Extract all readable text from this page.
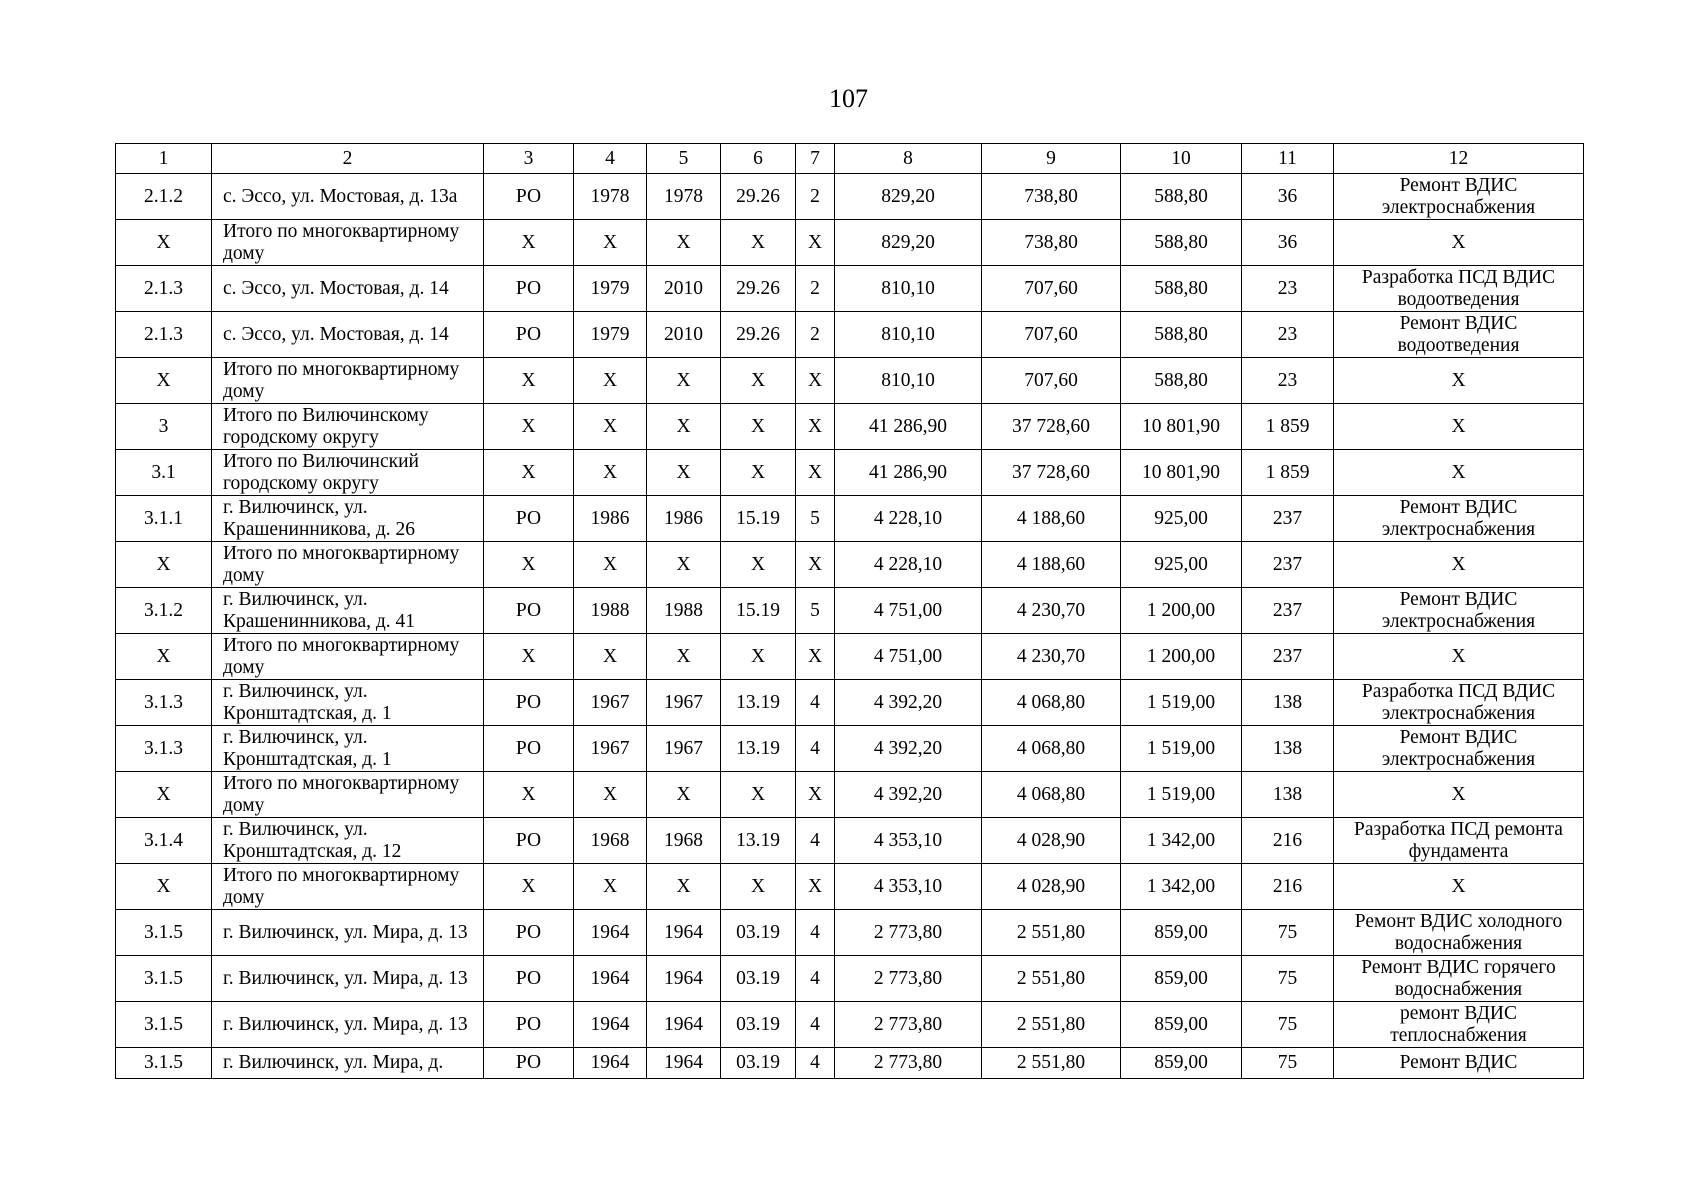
107
1	2	3	4	5	6	7	8	9	10	11	12
2.1.2	с. Эссо, ул. Мостовая, д. 13а	РО	1978	1978	29.26	2	829,20	738,80	588,80	36	Ремонт ВДИС электроснабжения
Х	Итого по многоквартирному дому	Х	Х	Х	Х	Х	829,20	738,80	588,80	36	Х
2.1.3	с. Эссо, ул. Мостовая, д. 14	РО	1979	2010	29.26	2	810,10	707,60	588,80	23	Разработка ПСД ВДИС водоотведения
2.1.3	с. Эссо, ул. Мостовая, д. 14	РО	1979	2010	29.26	2	810,10	707,60	588,80	23	Ремонт ВДИС водоотведения
Х	Итого по многоквартирному дому	Х	Х	Х	Х	Х	810,10	707,60	588,80	23	Х
3	Итого по Вилючинскому городскому округу	Х	Х	Х	Х	Х	41 286,90	37 728,60	10 801,90	1 859	Х
3.1	Итого по Вилючинский городскому округу	Х	Х	Х	Х	Х	41 286,90	37 728,60	10 801,90	1 859	Х
3.1.1	г. Вилючинск, ул. Крашенинникова, д. 26	РО	1986	1986	15.19	5	4 228,10	4 188,60	925,00	237	Ремонт ВДИС электроснабжения
Х	Итого по многоквартирному дому	Х	Х	Х	Х	Х	4 228,10	4 188,60	925,00	237	Х
3.1.2	г. Вилючинск, ул. Крашенинникова, д. 41	РО	1988	1988	15.19	5	4 751,00	4 230,70	1 200,00	237	Ремонт ВДИС электроснабжения
Х	Итого по многоквартирному дому	Х	Х	Х	Х	Х	4 751,00	4 230,70	1 200,00	237	Х
3.1.3	г. Вилючинск, ул. Кронштадтская, д. 1	РО	1967	1967	13.19	4	4 392,20	4 068,80	1 519,00	138	Разработка ПСД ВДИС электроснабжения
3.1.3	г. Вилючинск, ул. Кронштадтская, д. 1	РО	1967	1967	13.19	4	4 392,20	4 068,80	1 519,00	138	Ремонт ВДИС электроснабжения
Х	Итого по многоквартирному дому	Х	Х	Х	Х	Х	4 392,20	4 068,80	1 519,00	138	Х
3.1.4	г. Вилючинск, ул. Кронштадтская, д. 12	РО	1968	1968	13.19	4	4 353,10	4 028,90	1 342,00	216	Разработка ПСД ремонта фундамента
Х	Итого по многоквартирному дому	Х	Х	Х	Х	Х	4 353,10	4 028,90	1 342,00	216	Х
3.1.5	г. Вилючинск, ул. Мира, д. 13	РО	1964	1964	03.19	4	2 773,80	2 551,80	859,00	75	Ремонт ВДИС холодного водоснабжения
3.1.5	г. Вилючинск, ул. Мира, д. 13	РО	1964	1964	03.19	4	2 773,80	2 551,80	859,00	75	Ремонт ВДИС горячего водоснабжения
3.1.5	г. Вилючинск, ул. Мира, д. 13	РО	1964	1964	03.19	4	2 773,80	2 551,80	859,00	75	ремонт ВДИС теплоснабжения
3.1.5	г. Вилючинск, ул. Мира, д.	РО	1964	1964	03.19	4	2 773,80	2 551,80	859,00	75	Ремонт ВДИС
